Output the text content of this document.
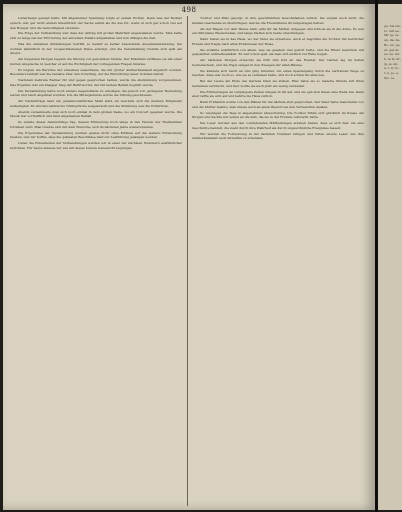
498

Ueberhaupt gezeigt hatte. Mit allgemeiner Spannung folgte er seinen Worten. Denn was der Redner sprach, war gar nicht anders hinsichtlich der Sache selbst als die des Dr., wenn er sich gar schon viel auf den Hunger und die Gerechtigkeit verstand.

Die Folge der Verhandlung war, dass der Antrag mit großer Mehrheit angenommen wurde. Man hatte sich zu lange bei der Erörterung der einzelnen Punkte aufgehalten und nun drängte die Zeit.

Was die einzelnen Abtheilungen betrifft, so bedarf es keiner besonderen Auseinandersetzung. Sie wurden sämmtlich in der vorgeschriebenen Weise erledigt, und die Versammlung trennte sich spät am Abend.

Am folgenden Morgen begann die Sitzung zur gewohnten Stunde. Der Präsident eröffnete sie mit einer kurzen Ansprache, in welcher er auf die Wichtigkeit der vorliegenden Fragen hinwies.

Es folgten die Berichte der einzelnen Ausschüsse, die mit großer Aufmerksamkeit angehört wurden. Besonders lebhaft war die Debatte über den Vorschlag, der die Einrichtung neuer Schulen betraf.

Nachdem mehrere Redner für und gegen gesprochen hatten, wurde die Abstimmung vorgenommen. Das Ergebnis war ein knapper Sieg der Befürworter, der mit lautem Beifall begrüßt wurde.

Die Versammlung hatte noch andere Gegenstände zu erledigen, die jedoch von geringerer Bedeutung waren und rasch abgethan wurden. Um die Mittagsstunde wurde die Sitzung geschlossen.

Am Nachmittage fand ein gemeinschaftliches Mahl statt, an welchem sich die meisten Mitglieder betheiligten. Es wurden zahlreiche Trinksprüche ausgebracht und die Stimmung war die fröhlichste.

Abends versammelte man sich noch einmal in dem großen Saale, wo ein Concert gegeben wurde. Die Musik war vortrefflich und fand allgemeinen Beifall.

So endete dieser denkwürdige Tag, dessen Erinnerung noch lange in den Herzen der Theilnehmer fortleben wird. Man trennte sich mit dem Wunsche, sich im nächsten Jahre wiederzusehen.

Die Ergebnisse der Versammlung werden gewiss nicht ohne Einfluss auf die weitere Entwicklung bleiben, und wir hoffen, dass die gefassten Beschlüsse bald zur Ausführung gelangen werden.

Ueber die Einzelheiten der Verhandlungen werden wir in einer der nächsten Nummern ausführlicher berichten. Für heute müssen wir uns mit dieser kurzen Uebersicht begnügen.

Tochter und Miss gesorgt, in ihre gewöhnlichen Gewohnheiten zurück. Sie vergaß auch nicht, die kleinen Geschenke zu überbringen, welche die Freundinnen ihr aufgetragen hatten.

Als der Wagen vor dem Hause hielt, eilte ihr die Mutter entgegen und schloss sie in die Arme. Es war ein rührendes Wiedersehen, und lange hielten sich beide umschlungen.

Dann traten sie in das Haus, wo der Vater sie erwartete. Auch er begrüßte die Tochter mit herzlicher Freude und fragte nach allen Erlebnissen der Reise.

Sie erzählte ausführlich von allem, was sie gesehen und gehört hatte, und die Eltern lauschten mit gespannter Aufmerksamkeit. Es war schon spät, als man sich endlich zur Ruhe begab.

Am nächsten Morgen erwachte sie früh und trat an das Fenster. Der Garten lag im hellen Sonnenschein, und die Vögel sangen in den Zweigen der alten Bäume.

Sie kleidete sich rasch an und ging hinunter, um einen Spaziergang durch die vertrauten Wege zu machen. Alles war noch so, wie sie es verlassen hatte, und doch schien ihr alles neu.

Bei der Laube am Ende des Gartens blieb sie stehen. Hier hatte sie so manche Stunde mit ihren Gedanken verbracht, und hier wollte sie auch jetzt ein wenig verweilen.

Die Erinnerungen an vergangene Zeiten stiegen in ihr auf, und sie gab sich ihnen eine Weile hin. Dann aber raffte sie sich auf und kehrte ins Haus zurück.

Beim Frühstück wurde von den Plänen für die nächste Zeit gesprochen. Der Vater hatte mancherlei vor, und die Mutter meinte, man müsse auch an einen Besuch bei den Verwandten denken.

So vergingen die Tage in angenehmer Abwechslung. Die Tochter fühlte sich glücklich im Kreise der Ihrigen und dachte nur selten an die Zeit, die sie in der Fremde verbracht hatte.

Die Leser werden aus den vorstehenden Mittheilungen ersehen haben, dass es sich hier um eine Geschichte handelt, die mehr durch ihre Wahrheit als durch ungewöhnliche Ereignisse fesselt.

Wir werden die Fortsetzung in der nächsten Nummer bringen und bitten unsere Leser, uns ihre Aufmerksamkeit auch fernerhin zu schenken.

ge- Sie ste- ro- mit es- Mr. ig- ve- un- da- fie- Ro- en. ge- er- gar at- eu. se- nd- b- ie m- fir- ig- je- mi- n- l- tr- fo- r- n- je- e- Sto- ie-
